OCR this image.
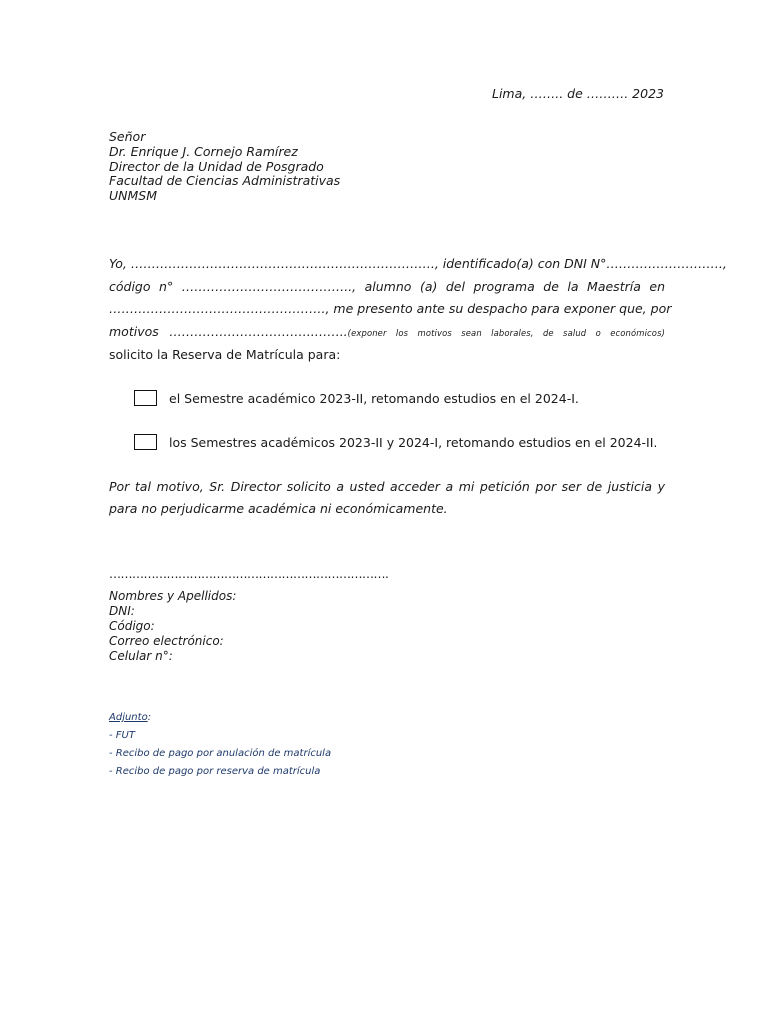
Lima, …….. de ………. 2023
Señor
Dr. Enrique J. Cornejo Ramírez
Director de la Unidad de Posgrado
Facultad de Ciencias Administrativas
UNMSM
Yo, ………………………………………………………………., identificado(a) con DNI N°……………………….,
código n° ………………………………….., alumno (a) del programa de la Maestría en
……………………………………………., me presento ante su despacho para exponer que, por
motivos ……………………………..……..(exponer los motivos sean laborales, de salud o económicos)
solicito la Reserva de Matrícula para:
el Semestre académico 2023-II, retomando estudios en el 2024-I.
los Semestres académicos 2023-II y 2024-I, retomando estudios en el 2024-II.
Por tal motivo, Sr. Director solicito a usted acceder a mi petición por ser de justicia y para no perjudicarme académica ni económicamente.
……………………………………………………………….
Nombres y Apellidos:
DNI:
Código:
Correo electrónico:
Celular n°:
Adjunto:
- FUT
- Recibo de pago por anulación de matrícula
- Recibo de pago por reserva de matrícula
